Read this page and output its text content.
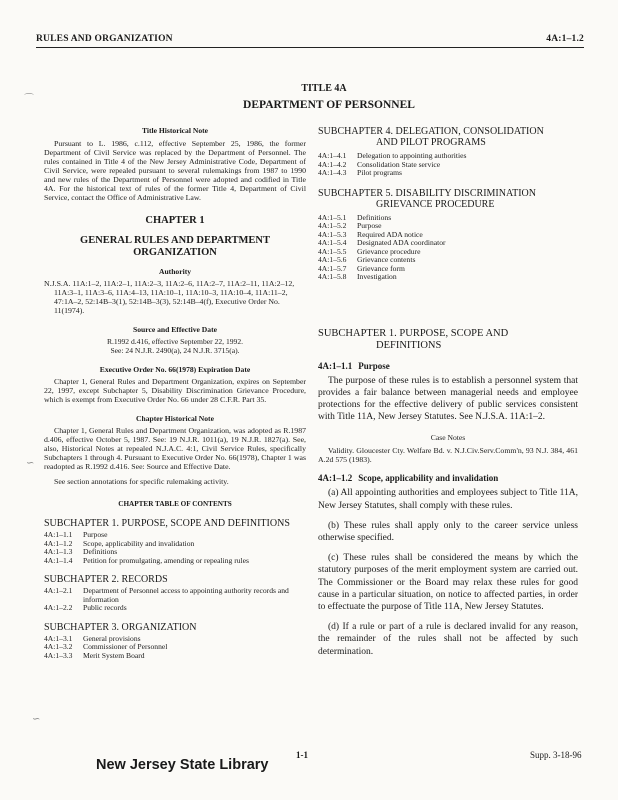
RULES AND ORGANIZATION	4A:1–1.2
⌒
∽
∽
TITLE 4A
DEPARTMENT OF PERSONNEL
Title Historical Note

Pursuant to L. 1986, c.112, effective September 25, 1986, the former Department of Civil Service was replaced by the Department of Personnel. The rules contained in Title 4 of the New Jersey Administrative Code, Department of Civil Service, were repealed pursuant to several rulemakings from 1987 to 1990 and new rules of the Department of Personnel were adopted and codified in Title 4A. For the historical text of rules of the former Title 4, Department of Civil Service, contact the Office of Administrative Law.

CHAPTER 1
GENERAL RULES AND DEPARTMENT ORGANIZATION
Authority

N.J.S.A. 11A:1–2, 11A:2–1, 11A:2–3, 11A:2–6, 11A:2–7, 11A:2–11, 11A:2–12, 11A:3–1, 11A:3–6, 11A:4–13, 11A:10–1, 11A:10–3, 11A:10–4, 11A:11–2, 47:1A–2, 52:14B–3(1), 52:14B–3(3), 52:14B–4(f), Executive Order No. 11(1974).

Source and Effective Date
R.1992 d.416, effective September 22, 1992.
See: 24 N.J.R. 2490(a), 24 N.J.R. 3715(a).
Executive Order No. 66(1978) Expiration Date

Chapter 1, General Rules and Department Organization, expires on September 22, 1997, except Subchapter 5, Disability Discrimination Grievance Procedure, which is exempt from Executive Order No. 66 under 28 C.F.R. Part 35.

Chapter Historical Note

Chapter 1, General Rules and Department Organization, was adopted as R.1987 d.406, effective October 5, 1987. See: 19 N.J.R. 1011(a), 19 N.J.R. 1827(a). See, also, Historical Notes at repealed N.J.A.C. 4:1, Civil Service Rules, specifically Subchapters 1 through 4. Pursuant to Executive Order No. 66(1978), Chapter 1 was readopted as R.1992 d.416. See: Source and Effective Date.

See section annotations for specific rulemaking activity.

CHAPTER TABLE OF CONTENTS
SUBCHAPTER 1. PURPOSE, SCOPE AND DEFINITIONS
4A:1–1.1	Purpose
4A:1–1.2	Scope, applicability and invalidation
4A:1–1.3	Definitions
4A:1–1.4	Petition for promulgating, amending or repealing rules
SUBCHAPTER 2. RECORDS
4A:1–2.1	Department of Personnel access to appointing authority records and information
4A:1–2.2	Public records
SUBCHAPTER 3. ORGANIZATION
4A:1–3.1	General provisions
4A:1–3.2	Commissioner of Personnel
4A:1–3.3	Merit System Board
SUBCHAPTER 4. DELEGATION, CONSOLIDATION
AND PILOT PROGRAMS
4A:1–4.1	Delegation to appointing authorities
4A:1–4.2	Consolidation State service
4A:1–4.3	Pilot programs
SUBCHAPTER 5. DISABILITY DISCRIMINATION
GRIEVANCE PROCEDURE
4A:1–5.1	Definitions
4A:1–5.2	Purpose
4A:1–5.3	Required ADA notice
4A:1–5.4	Designated ADA coordinator
4A:1–5.5	Grievance procedure
4A:1–5.6	Grievance contents
4A:1–5.7	Grievance form
4A:1–5.8	Investigation
SUBCHAPTER 1. PURPOSE, SCOPE AND
DEFINITIONS
4A:1–1.1 Purpose

The purpose of these rules is to establish a personnel system that provides a fair balance between managerial needs and employee protections for the effective delivery of public services consistent with Title 11A, New Jersey Statutes. See N.J.S.A. 11A:1–2.

Case Notes

Validity. Gloucester Cty. Welfare Bd. v. N.J.Civ.Serv.Comm'n, 93 N.J. 384, 461 A.2d 575 (1983).

4A:1–1.2 Scope, applicability and invalidation

(a) All appointing authorities and employees subject to Title 11A, New Jersey Statutes, shall comply with these rules.

(b) These rules shall apply only to the career service unless otherwise specified.

(c) These rules shall be considered the means by which the statutory purposes of the merit employment system are carried out. The Commissioner or the Board may relax these rules for good cause in a particular situation, on notice to affected parties, in order to effectuate the purpose of Title 11A, New Jersey Statutes.

(d) If a rule or part of a rule is declared invalid for any reason, the remainder of the rules shall not be affected by such determination.

1-1	Supp. 3-18-96
New Jersey State Library
